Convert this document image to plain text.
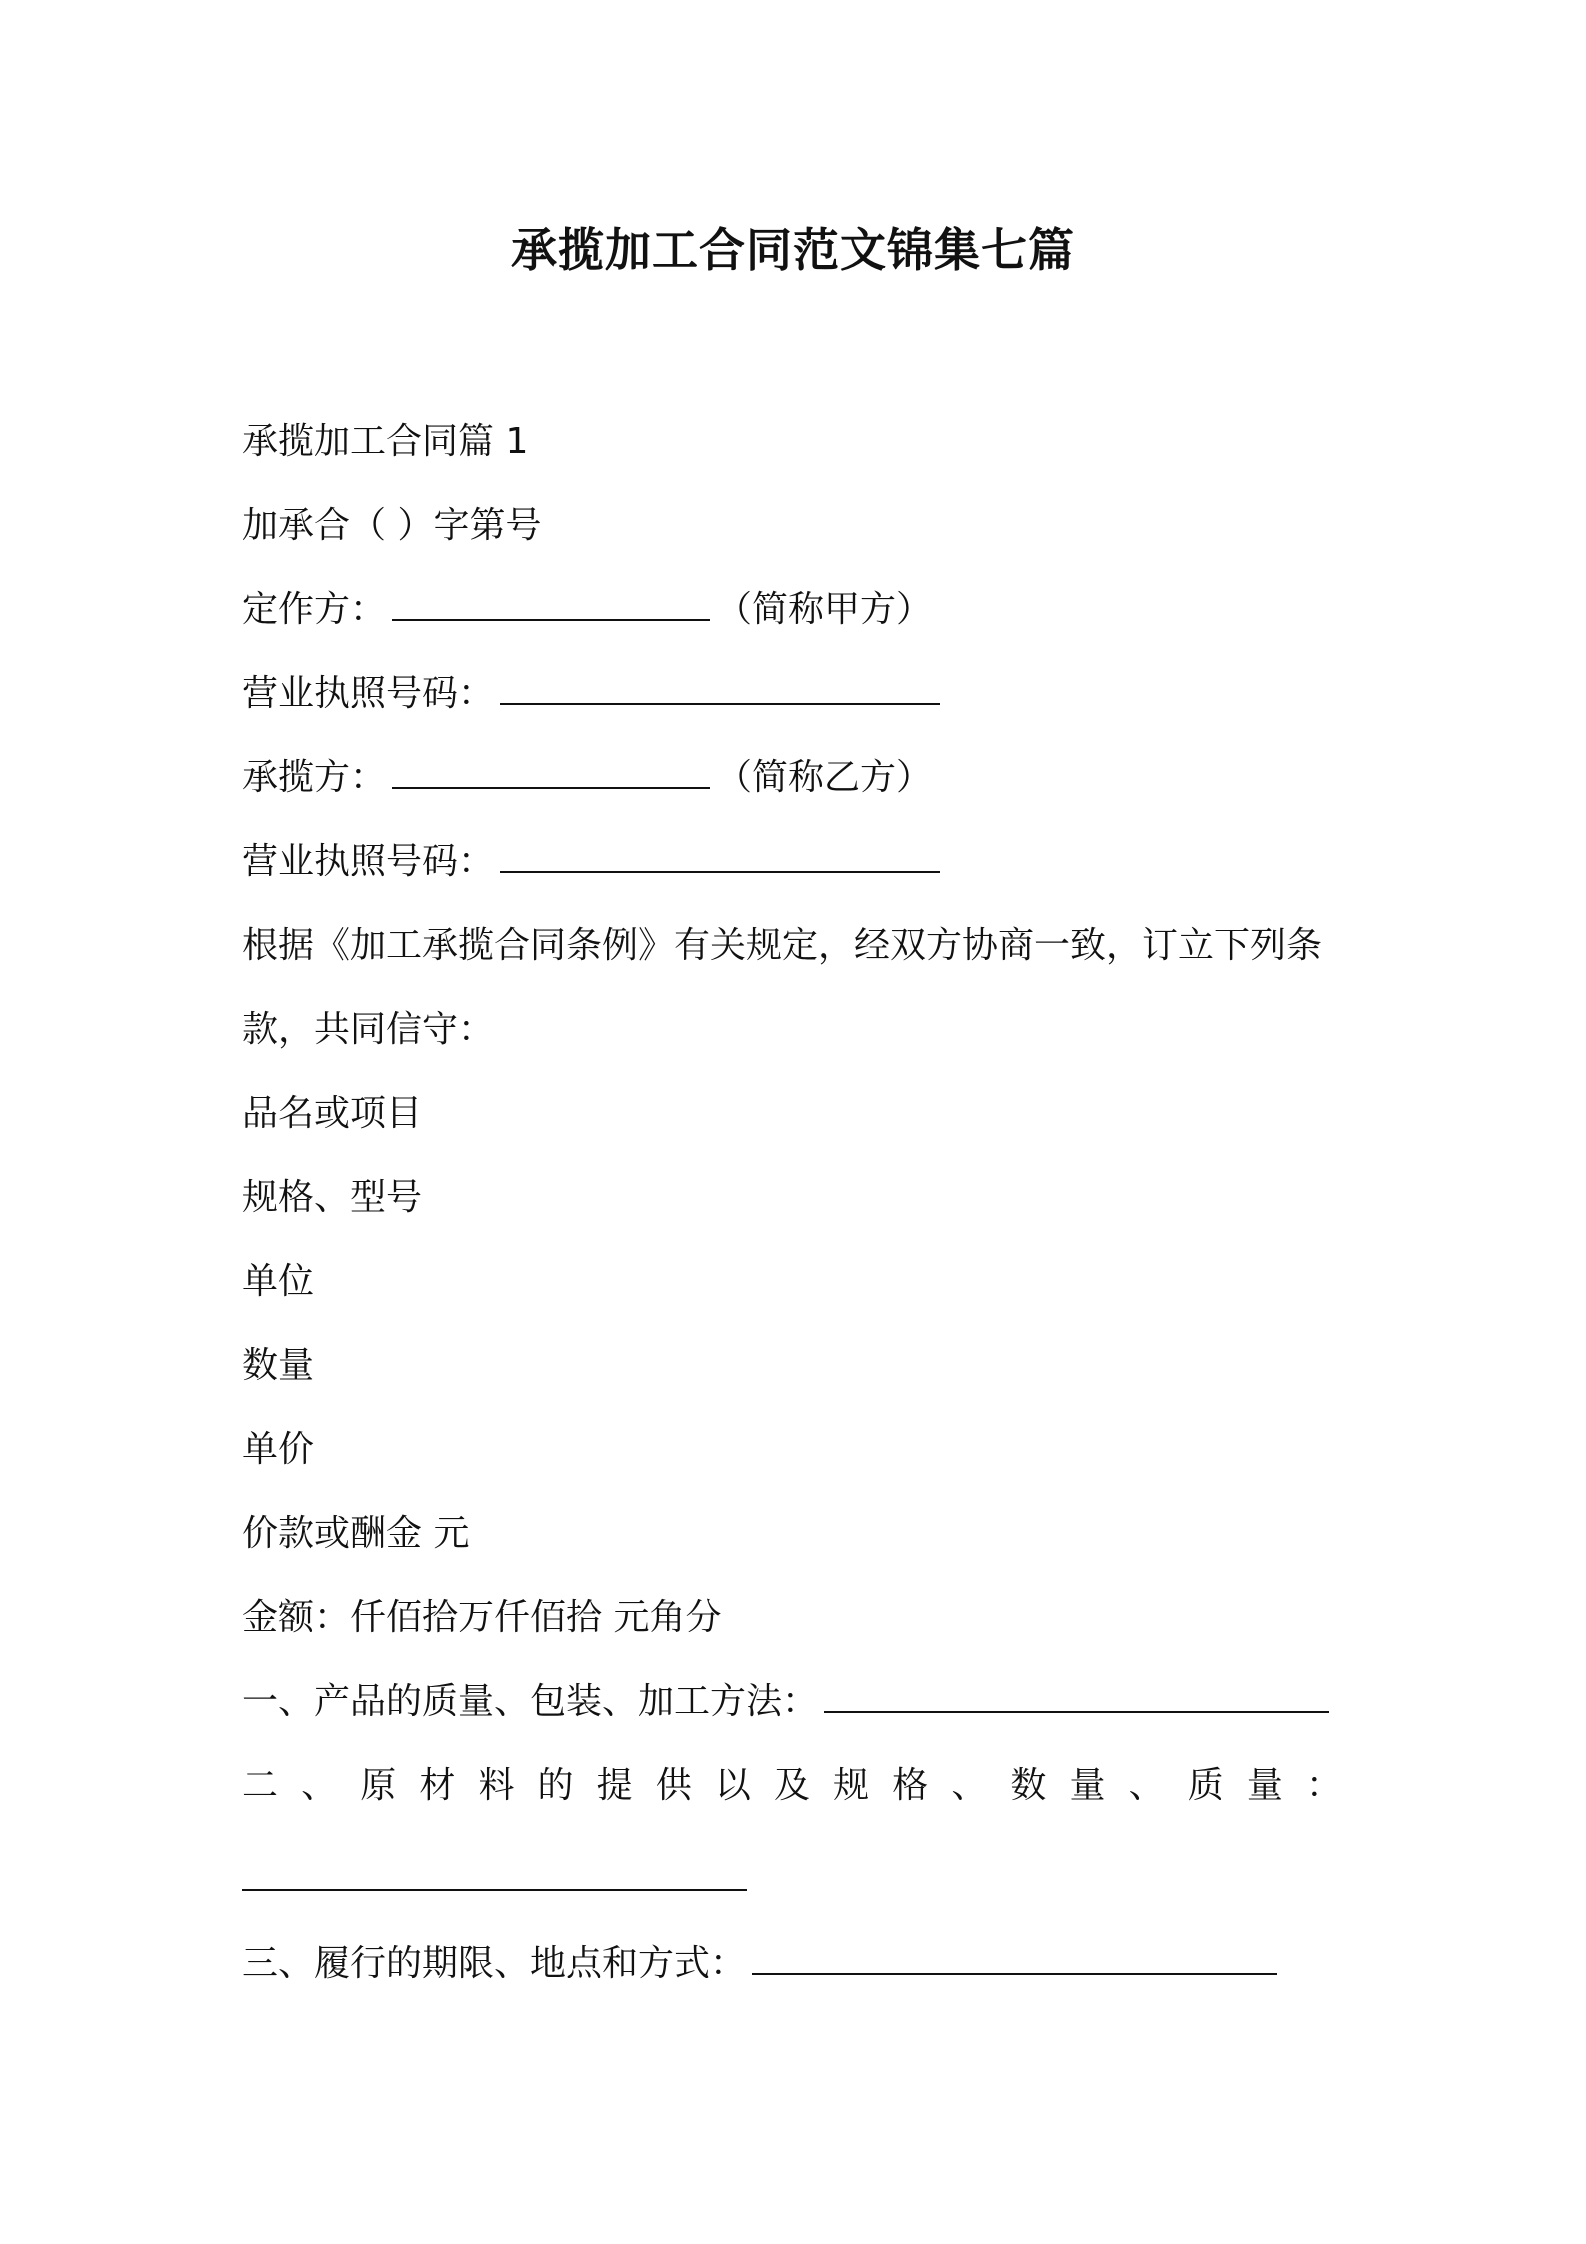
承揽加工合同范文锦集七篇
承揽加工合同篇 1
加承合（ ）字第号
定作方：	（简称甲方）
营业执照号码：
承揽方：	（简称乙方）
营业执照号码：
根据《加工承揽合同条例》有关规定，经双方协商一致，订立下列条
款，共同信守：
品名或项目
规格、型号
单位
数量
单价
价款或酬金 元
金额：仟佰拾万仟佰拾 元角分
一、产品的质量、包装、加工方法：
二 、 原 材 料 的 提 供 以 及 规 格 、 数 量 、 质 量 ：
三、履行的期限、地点和方式：
